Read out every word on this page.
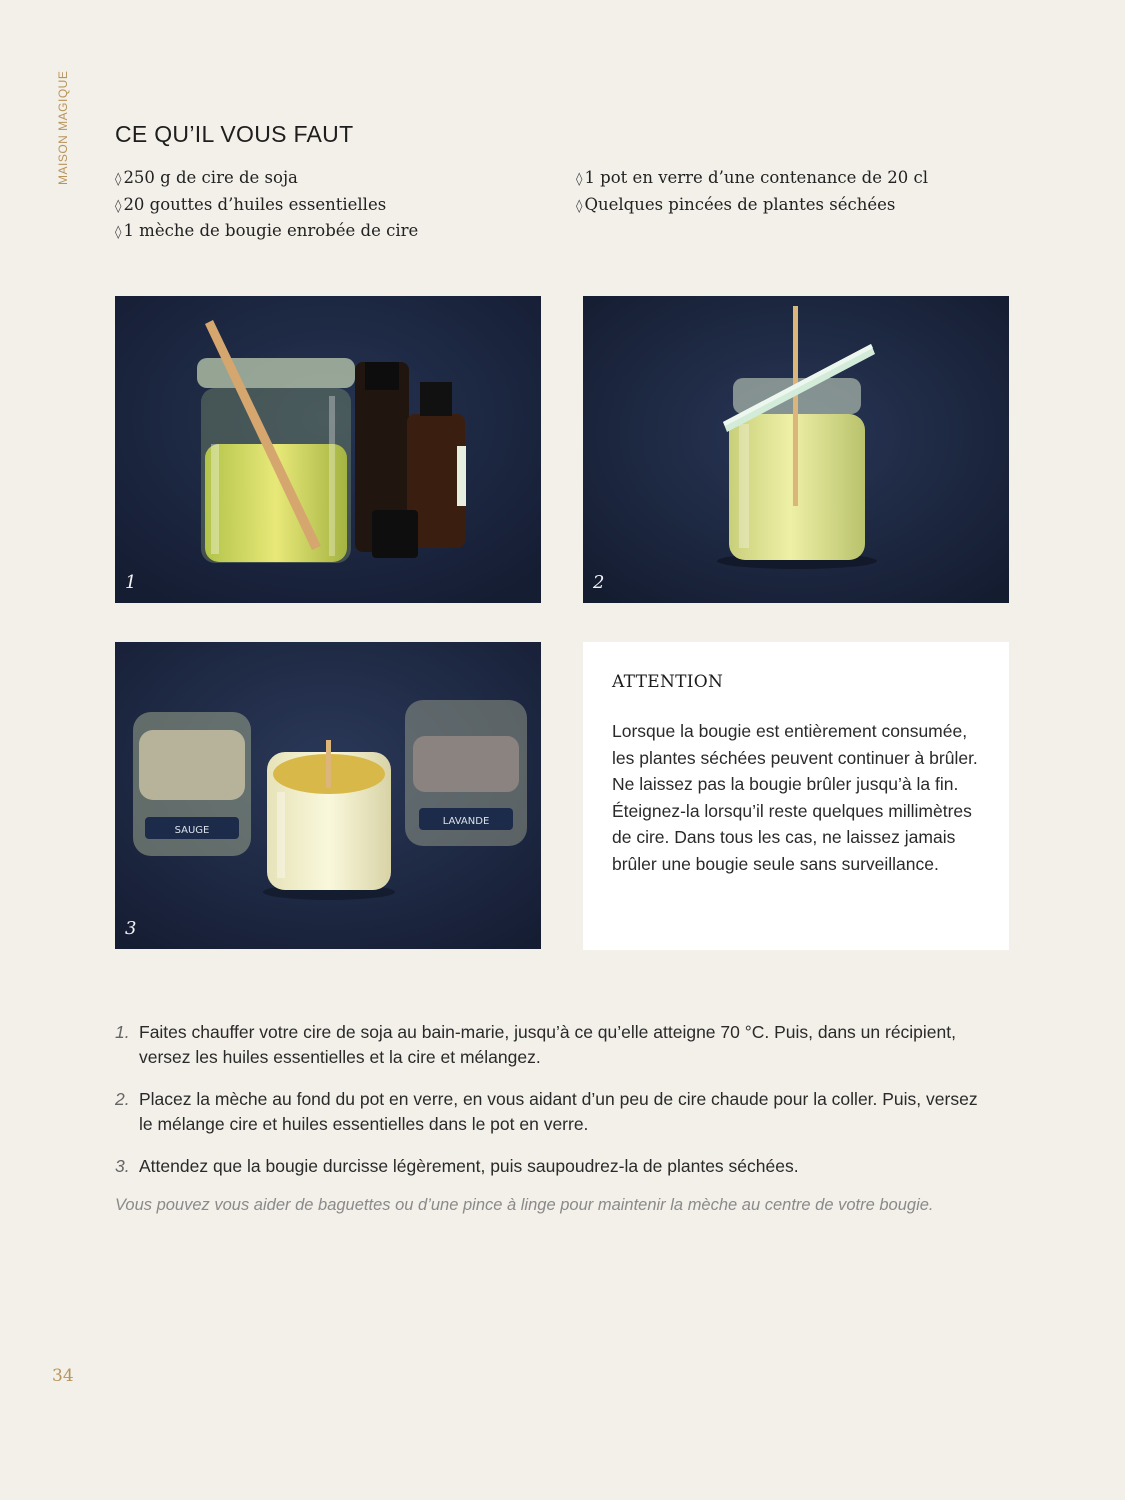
MAISON MAGIQUE CE QU’IL VOUS FAUT
◊ 250 g de cire de soja
◊ 20 gouttes d’huiles essentielles
◊ 1 mèche de bougie enrobée de cire
◊ 1 pot en verre d’une contenance de 20 cl
◊ Quelques pincées de plantes séchées
1	2
SAUGE
LAVANDE
3
ATTENTION

Lorsque la bougie est entièrement consumée, les plantes séchées peuvent continuer à brûler. Ne laissez pas la bougie brûler jusqu’à la fin. Éteignez-la lorsqu’il reste quelques millimètres de cire. Dans tous les cas, ne laissez jamais brûler une bougie seule sans surveillance.

1. Faites chauffer votre cire de soja au bain-marie, jusqu’à ce qu’elle atteigne 70 °C. Puis, dans un récipient, versez les huiles essentielles et la cire et mélangez.
2. Placez la mèche au fond du pot en verre, en vous aidant d’un peu de cire chaude pour la coller. Puis, versez le mélange cire et huiles essentielles dans le pot en verre.
3. Attendez que la bougie durcisse légèrement, puis saupoudrez-la de plantes séchées.

Vous pouvez vous aider de baguettes ou d’une pince à linge pour maintenir la mèche au centre de votre bougie.

34
